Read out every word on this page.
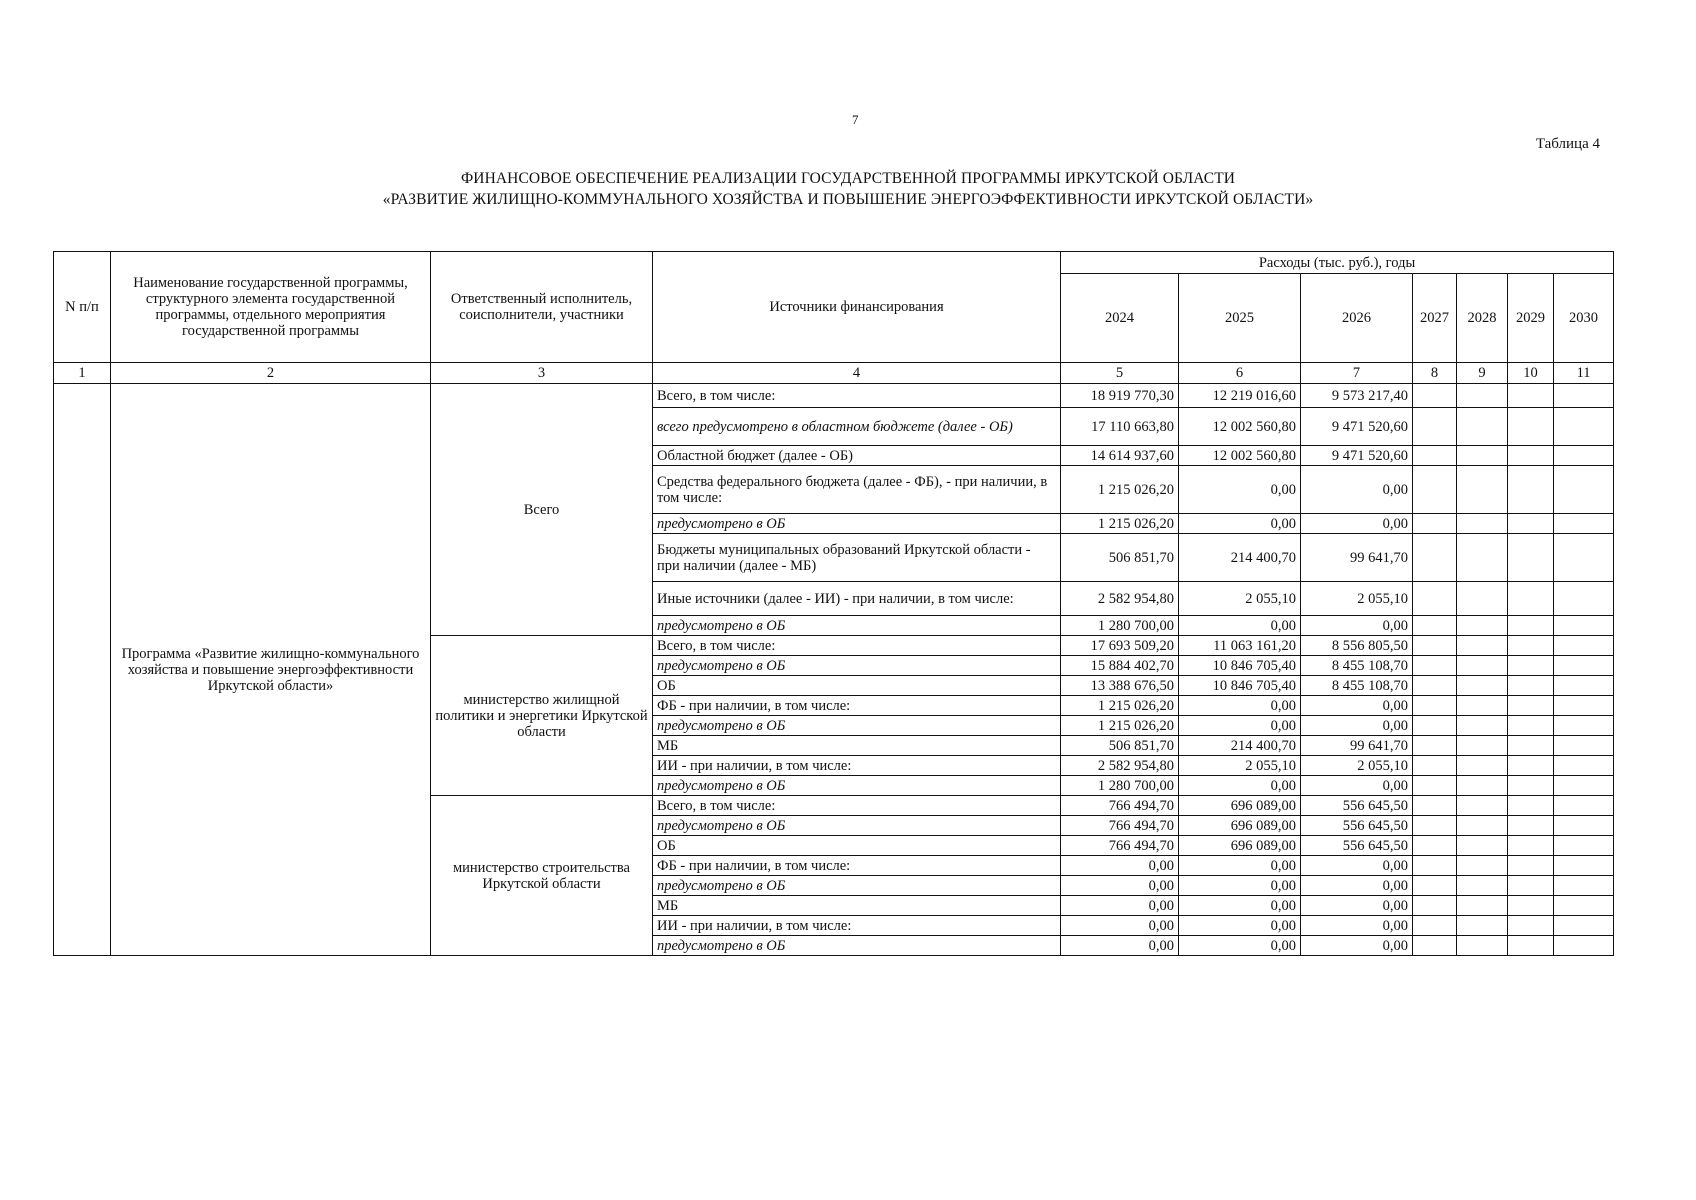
7
Таблица 4
ФИНАНСОВОЕ ОБЕСПЕЧЕНИЕ РЕАЛИЗАЦИИ ГОСУДАРСТВЕННОЙ ПРОГРАММЫ ИРКУТСКОЙ ОБЛАСТИ
«РАЗВИТИЕ ЖИЛИЩНО-КОММУНАЛЬНОГО ХОЗЯЙСТВА И ПОВЫШЕНИЕ ЭНЕРГОЭФФЕКТИВНОСТИ ИРКУТСКОЙ ОБЛАСТИ»
N п/п	Наименование государственной программы, структурного элемента государственной программы, отдельного мероприятия государственной программы	Ответственный исполнитель, соисполнители, участники	Источники финансирования	Расходы (тыс. руб.), годы						
				2024	2025	2026	2027	2028	2029	2030
1	2	3	4	5	6	7	8	9	10	11
	Программа «Развитие жилищно-коммунального хозяйства и повышение энергоэффективности Иркутской области»	Всего	Всего, в том числе:	18 919 770,30	12 219 016,60	9 573 217,40				
			всего предусмотрено в областном бюджете (далее - ОБ)	17 110 663,80	12 002 560,80	9 471 520,60				
			Областной бюджет (далее - ОБ)	14 614 937,60	12 002 560,80	9 471 520,60				
			Средства федерального бюджета (далее - ФБ), - при наличии, в том числе:	1 215 026,20	0,00	0,00				
			предусмотрено в ОБ	1 215 026,20	0,00	0,00				
			Бюджеты муниципальных образований Иркутской области - при наличии (далее - МБ)	506 851,70	214 400,70	99 641,70				
			Иные источники (далее - ИИ) - при наличии, в том числе:	2 582 954,80	2 055,10	2 055,10				
			предусмотрено в ОБ	1 280 700,00	0,00	0,00				
		министерство жилищной политики и энергетики Иркутской области	Всего, в том числе:	17 693 509,20	11 063 161,20	8 556 805,50				
			предусмотрено в ОБ	15 884 402,70	10 846 705,40	8 455 108,70				
			ОБ	13 388 676,50	10 846 705,40	8 455 108,70				
			ФБ - при наличии, в том числе:	1 215 026,20	0,00	0,00				
			предусмотрено в ОБ	1 215 026,20	0,00	0,00				
			МБ	506 851,70	214 400,70	99 641,70				
			ИИ - при наличии, в том числе:	2 582 954,80	2 055,10	2 055,10				
			предусмотрено в ОБ	1 280 700,00	0,00	0,00				
		министерство строительства Иркутской области	Всего, в том числе:	766 494,70	696 089,00	556 645,50				
			предусмотрено в ОБ	766 494,70	696 089,00	556 645,50				
			ОБ	766 494,70	696 089,00	556 645,50				
			ФБ - при наличии, в том числе:	0,00	0,00	0,00				
			предусмотрено в ОБ	0,00	0,00	0,00				
			МБ	0,00	0,00	0,00				
			ИИ - при наличии, в том числе:	0,00	0,00	0,00				
			предусмотрено в ОБ	0,00	0,00	0,00				
